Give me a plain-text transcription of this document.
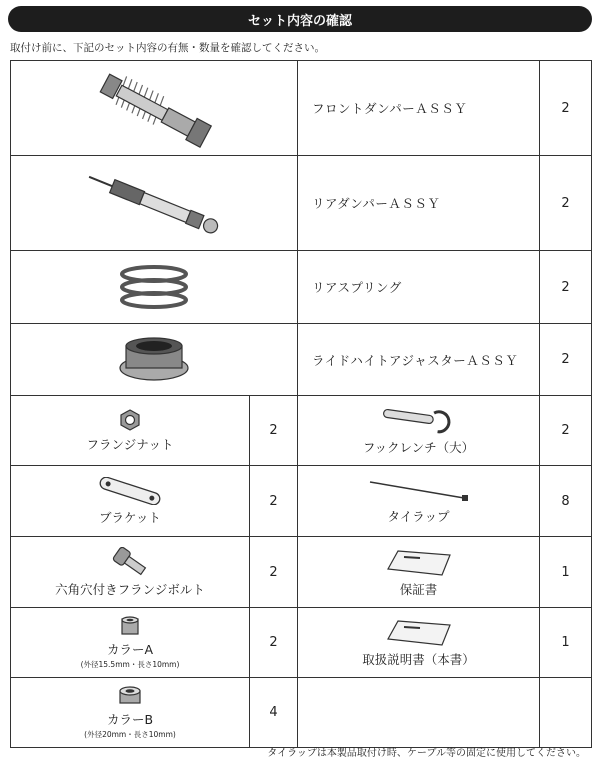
セット内容の確認
取付け前に、下記のセット内容の有無・数量を確認してください。
	フロントダンパーＡＳＳＹ	2

	リアダンパーＡＳＳＹ	2

	リアスプリング	2

	ライドハイトアジャスターＡＳＳＹ	2

フランジナット	2	フックレンチ（大）	2

ブラケット	2	タイラップ	8

六角穴付きフランジボルト	2	保証書	1

カラーA
(外径15.5mm・長さ10mm)	2	取扱説明書（本書）	1

カラーB
(外径20mm・長さ10mm)	4		
タイラップは本製品取付け時、ケーブル等の固定に使用してください。
